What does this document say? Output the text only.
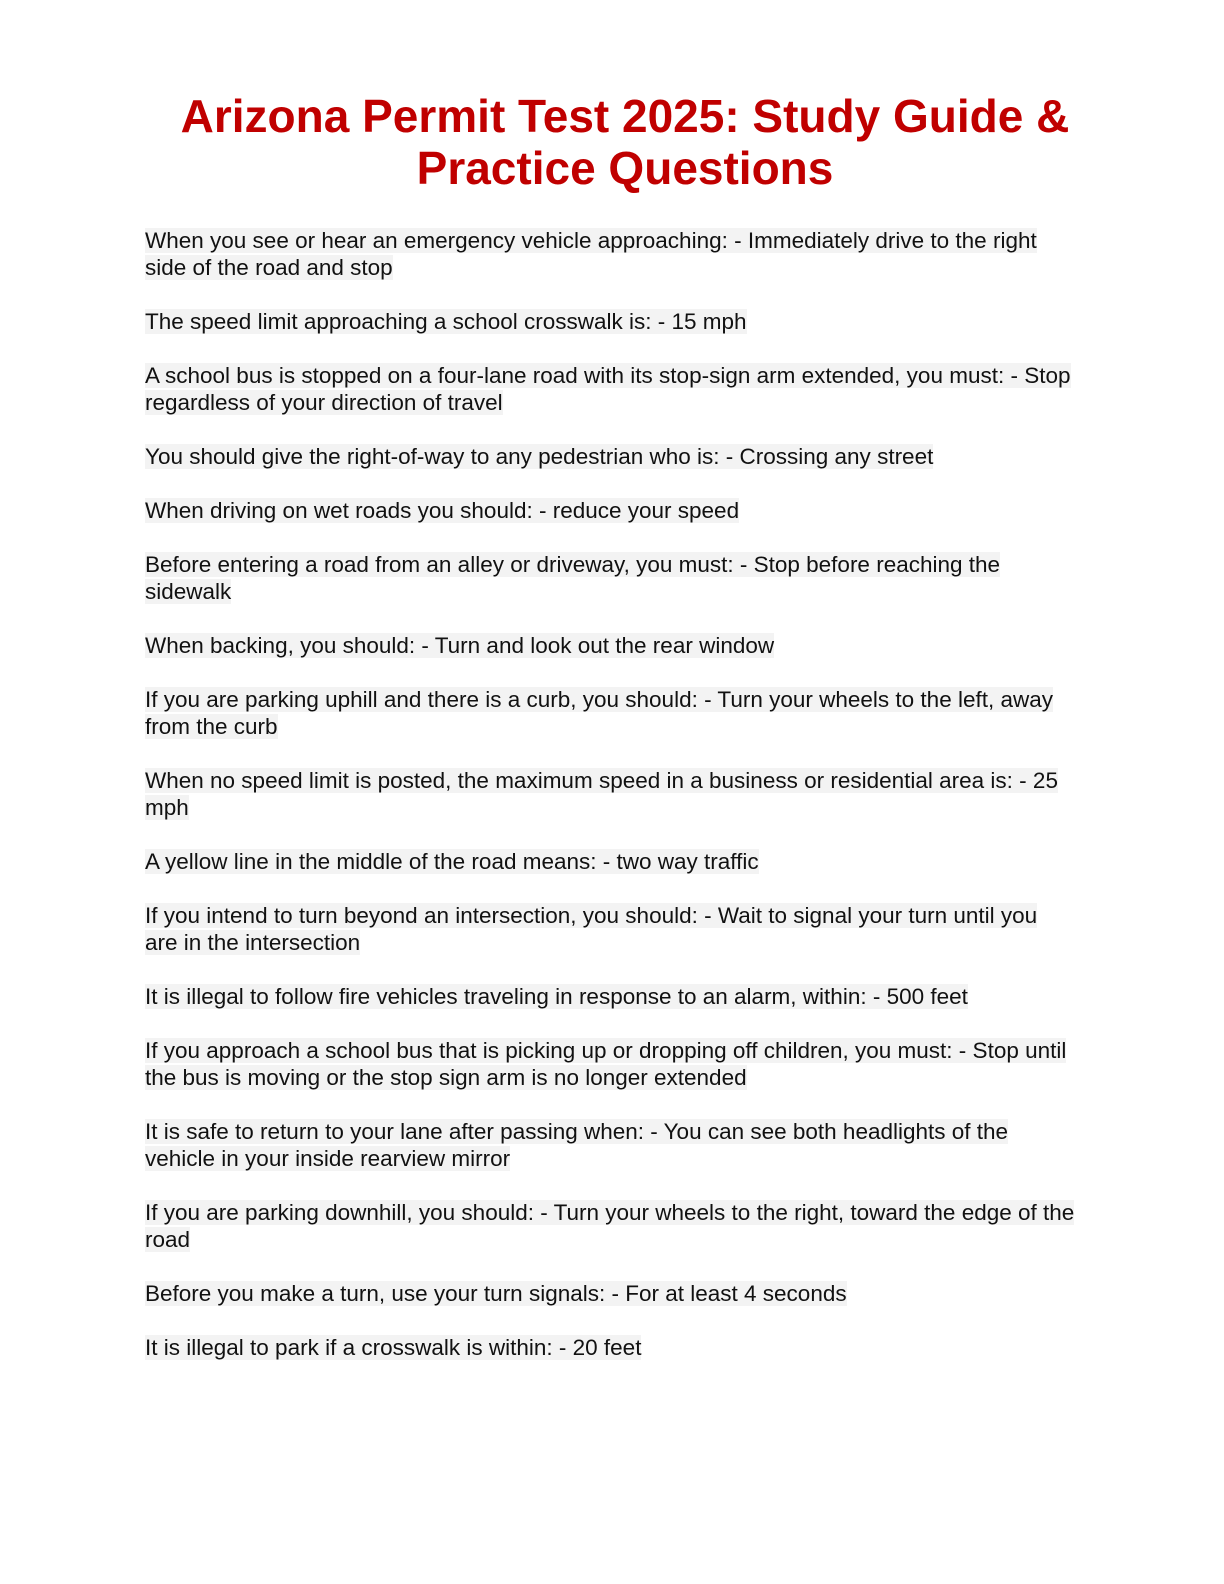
Arizona Permit Test 2025: Study Guide & Practice Questions
When you see or hear an emergency vehicle approaching: - Immediately drive to the right side of the road and stop
The speed limit approaching a school crosswalk is: - 15 mph
A school bus is stopped on a four-lane road with its stop-sign arm extended, you must: - Stop regardless of your direction of travel
You should give the right-of-way to any pedestrian who is: - Crossing any street
When driving on wet roads you should: - reduce your speed
Before entering a road from an alley or driveway, you must: - Stop before reaching the sidewalk
When backing, you should: - Turn and look out the rear window
If you are parking uphill and there is a curb, you should: - Turn your wheels to the left, away from the curb
When no speed limit is posted, the maximum speed in a business or residential area is: - 25 mph
A yellow line in the middle of the road means: - two way traffic
If you intend to turn beyond an intersection, you should: - Wait to signal your turn until you are in the intersection
It is illegal to follow fire vehicles traveling in response to an alarm, within: - 500 feet
If you approach a school bus that is picking up or dropping off children, you must: - Stop until the bus is moving or the stop sign arm is no longer extended
It is safe to return to your lane after passing when: - You can see both headlights of the vehicle in your inside rearview mirror
If you are parking downhill, you should: - Turn your wheels to the right, toward the edge of the road
Before you make a turn, use your turn signals: - For at least 4 seconds
It is illegal to park if a crosswalk is within: - 20 feet
